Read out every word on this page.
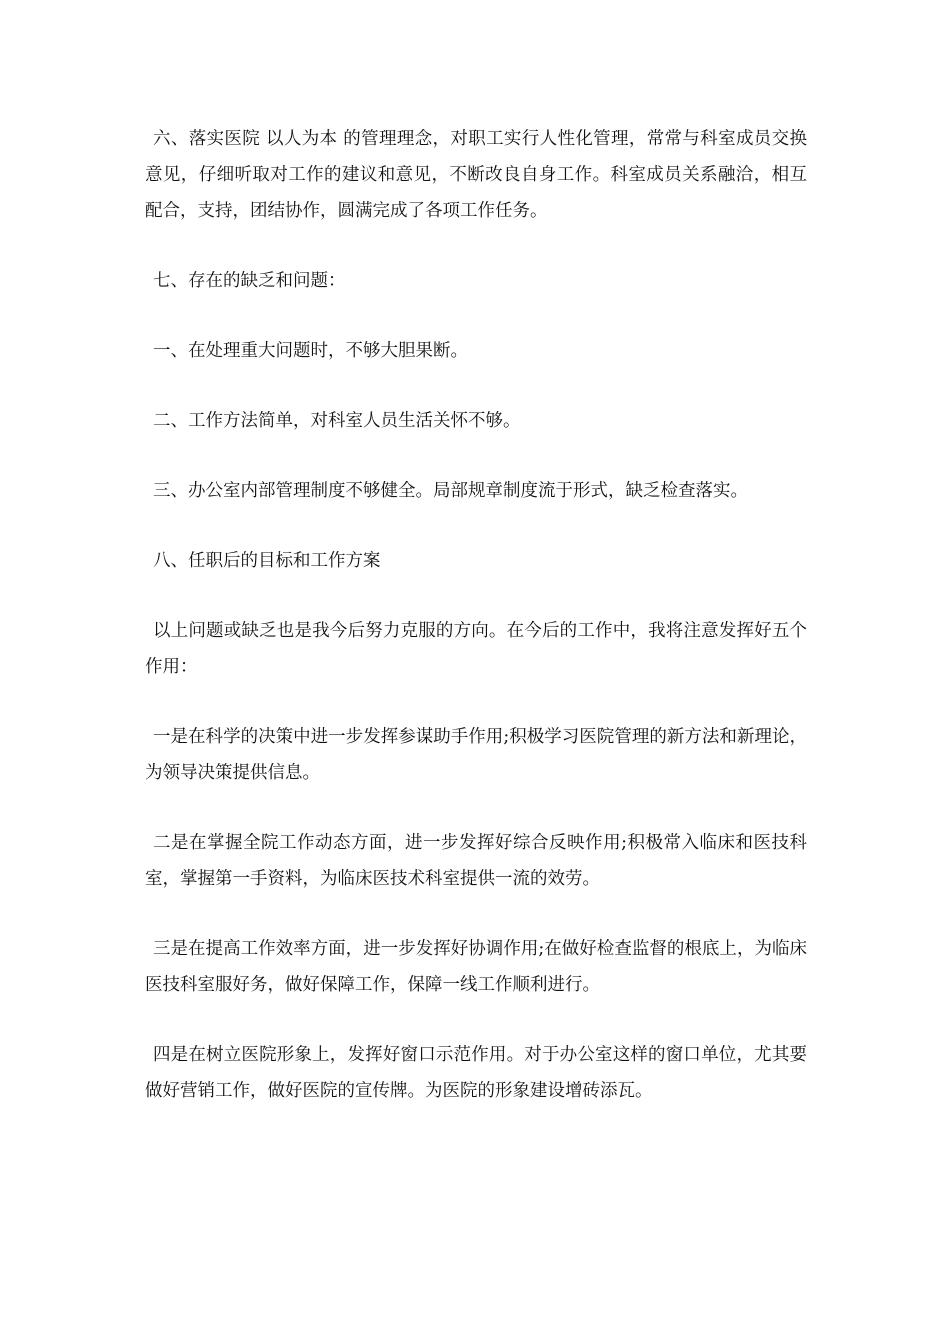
六、落实医院 以人为本 的管理理念，对职工实行人性化管理，常常与科室成员交换意见，仔细听取对工作的建议和意见，不断改良自身工作。科室成员关系融洽，相互配合，支持，团结协作，圆满完成了各项工作任务。

七、存在的缺乏和问题：

一、在处理重大问题时，不够大胆果断。

二、工作方法简单，对科室人员生活关怀不够。

三、办公室内部管理制度不够健全。局部规章制度流于形式，缺乏检查落实。

八、任职后的目标和工作方案

以上问题或缺乏也是我今后努力克服的方向。在今后的工作中，我将注意发挥好五个作用：

一是在科学的决策中进一步发挥参谋助手作用;积极学习医院管理的新方法和新理论，为领导决策提供信息。

二是在掌握全院工作动态方面，进一步发挥好综合反映作用;积极常入临床和医技科室，掌握第一手资料，为临床医技术科室提供一流的效劳。

三是在提高工作效率方面，进一步发挥好协调作用;在做好检查监督的根底上，为临床医技科室服好务，做好保障工作，保障一线工作顺利进行。

四是在树立医院形象上，发挥好窗口示范作用。对于办公室这样的窗口单位，尤其要做好营销工作，做好医院的宣传牌。为医院的形象建设增砖添瓦。
